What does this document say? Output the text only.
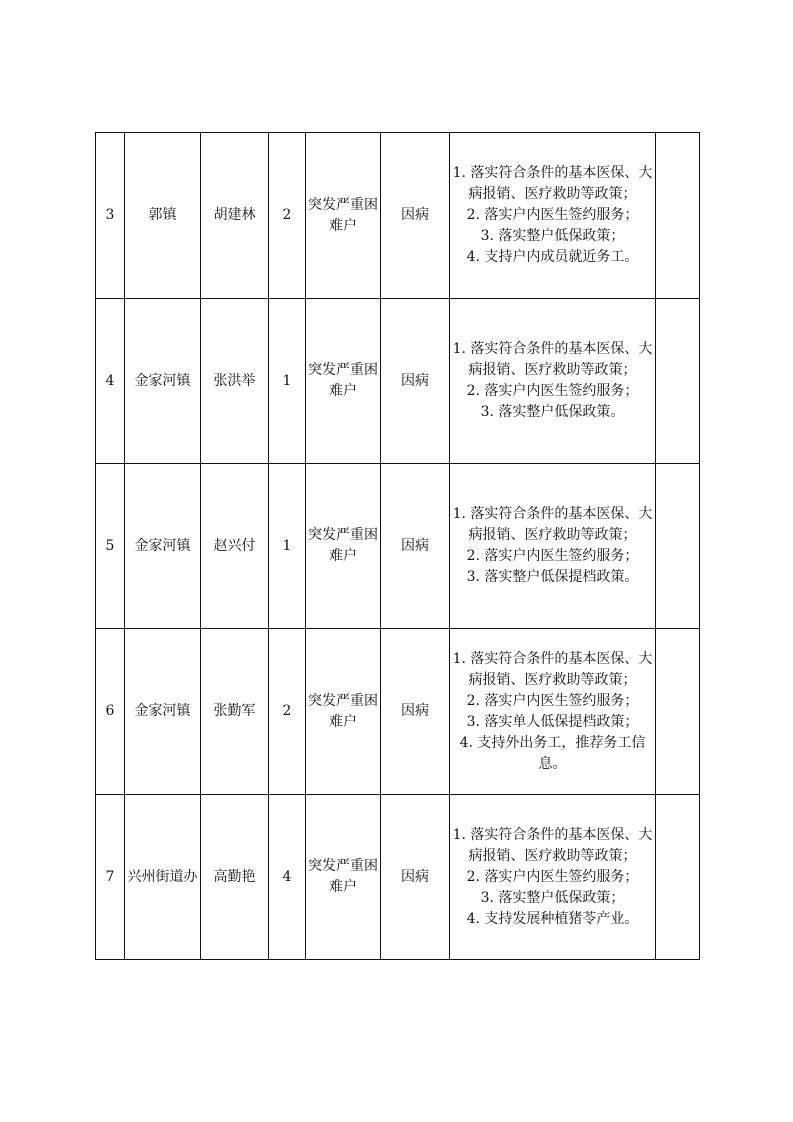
3	郭镇	胡建林	2	突发严重困难户	因病	1. 落实符合条件的基本医保、大病报销、医疗救助等政策；
2. 落实户内医生签约服务；
3. 落实整户低保政策；
4. 支持户内成员就近务工。	

4	金家河镇	张洪举	1	突发严重困难户	因病	1. 落实符合条件的基本医保、大病报销、医疗救助等政策；
2. 落实户内医生签约服务；
3. 落实整户低保政策。	

5	金家河镇	赵兴付	1	突发严重困难户	因病	1. 落实符合条件的基本医保、大病报销、医疗救助等政策；
2. 落实户内医生签约服务；
3. 落实整户低保提档政策。	

6	金家河镇	张勤军	2	突发严重困难户	因病	1. 落实符合条件的基本医保、大病报销、医疗救助等政策；
2. 落实户内医生签约服务；
3. 落实单人低保提档政策；
4. 支持外出务工，推荐务工信息。	

7	兴州街道办	高勤艳	4	突发严重困难户	因病	1. 落实符合条件的基本医保、大病报销、医疗救助等政策；
2. 落实户内医生签约服务；
3. 落实整户低保政策；
4. 支持发展种植猪苓产业。	
